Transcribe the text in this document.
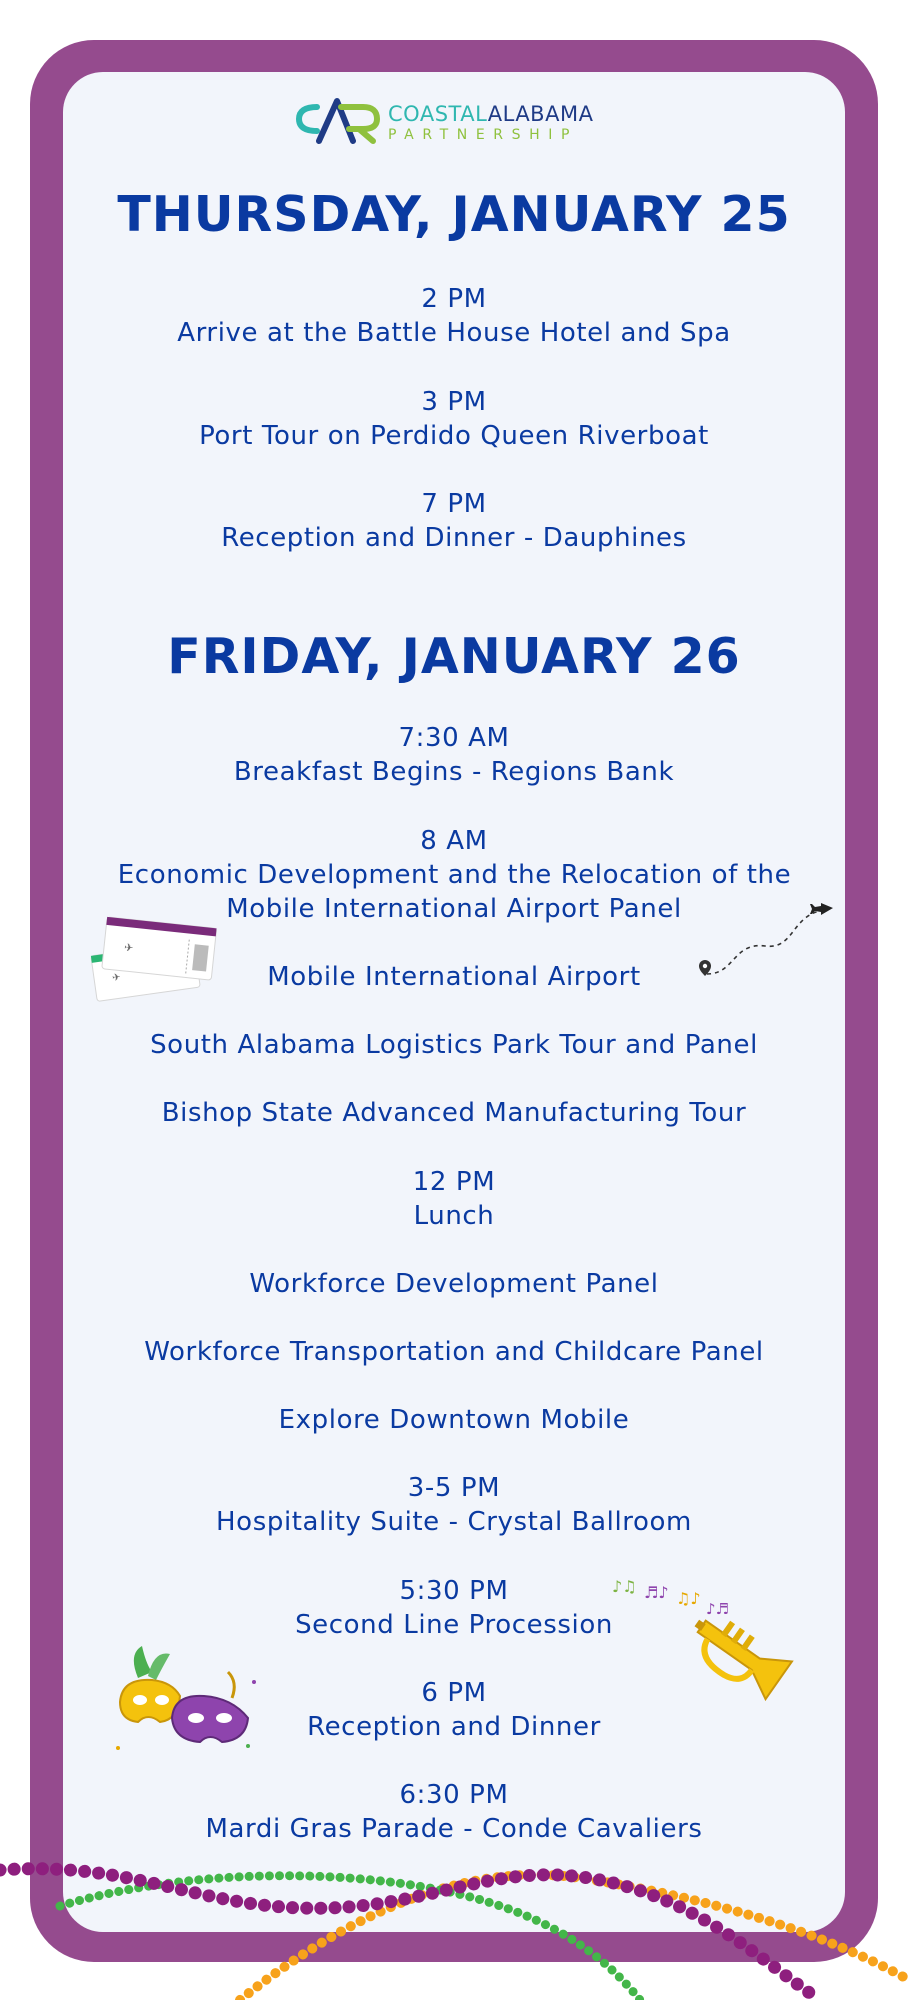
COASTALALABAMA
PARTNERSHIP
THURSDAY, JANUARY 25
2 PM
Arrive at the Battle House Hotel and Spa
3 PM
Port Tour on Perdido Queen Riverboat
7 PM
Reception and Dinner - Dauphines
FRIDAY, JANUARY 26
7:30 AM
Breakfast Begins - Regions Bank
8 AM
Economic Development and the Relocation of the
Mobile International Airport Panel
Mobile International Airport
South Alabama Logistics Park Tour and Panel
Bishop State Advanced Manufacturing Tour
12 PM
Lunch
Workforce Development Panel
Workforce Transportation and Childcare Panel
Explore Downtown Mobile
3-5 PM
Hospitality Suite - Crystal Ballroom
5:30 PM
Second Line Procession
6 PM
Reception and Dinner
6:30 PM
Mardi Gras Parade - Conde Cavaliers
✈
✈
♪♫ ♬♪ ♫♪
♪♬
